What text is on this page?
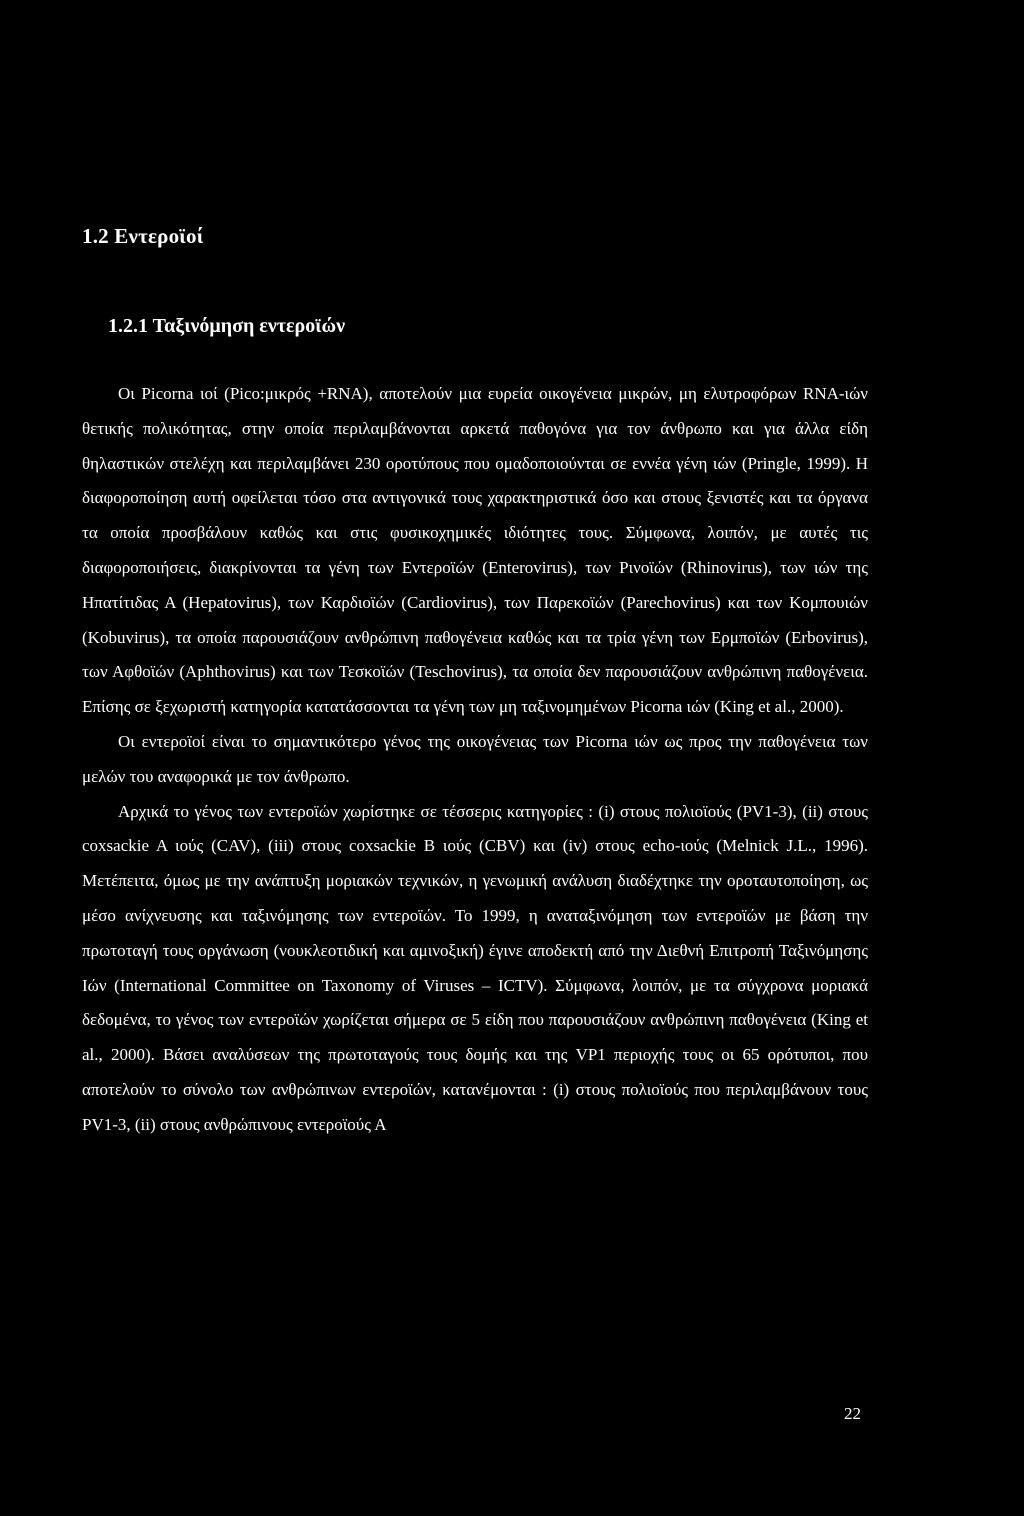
1.2 Εντεροϊοί
1.2.1 Ταξινόμηση εντεροϊών

Οι Picorna ιοί (Pico:μικρός +RNA), αποτελούν μια ευρεία οικογένεια μικρών, μη ελυτροφόρων RNA-ιών θετικής πολικότητας, στην οποία περιλαμβάνονται αρκετά παθογόνα για τον άνθρωπο και για άλλα είδη θηλαστικών στελέχη και περιλαμβάνει 230 οροτύπους που ομαδοποιούνται σε εννέα γένη ιών (Pringle, 1999). Η διαφοροποίηση αυτή οφείλεται τόσο στα αντιγονικά τους χαρακτηριστικά όσο και στους ξενιστές και τα όργανα τα οποία προσβάλουν καθώς και στις φυσικοχημικές ιδιότητες τους. Σύμφωνα, λοιπόν, με αυτές τις διαφοροποιήσεις, διακρίνονται τα γένη των Εντεροϊών (Enterovirus), των Ρινοϊών (Rhinovirus), των ιών της Ηπατίτιδας Α (Hepatovirus), των Καρδιοϊών (Cardiovirus), των Παρεκοϊών (Parechovirus) και των Κομπουιών (Kobuvirus), τα οποία παρουσιάζουν ανθρώπινη παθογένεια καθώς και τα τρία γένη των Ερμποϊών (Erbovirus), των Αφθοϊών (Aphthovirus) και των Τεσκοϊών (Teschovirus), τα οποία δεν παρουσιάζουν ανθρώπινη παθογένεια. Επίσης σε ξεχωριστή κατηγορία κατατάσσονται τα γένη των μη ταξινομημένων Picorna ιών (King et al., 2000).

Οι εντεροϊοί είναι το σημαντικότερο γένος της οικογένειας των Picorna ιών ως προς την παθογένεια των μελών του αναφορικά με τον άνθρωπο.

Αρχικά το γένος των εντεροϊών χωρίστηκε σε τέσσερις κατηγορίες : (i) στους πολιοϊούς (PV1-3), (ii) στους coxsackie A ιούς (CAV), (iii) στους coxsackie B ιούς (CBV) και (iv) στους echo-ιούς (Melnick J.L., 1996). Μετέπειτα, όμως με την ανάπτυξη μοριακών τεχνικών, η γενωμική ανάλυση διαδέχτηκε την οροταυτοποίηση, ως μέσο ανίχνευσης και ταξινόμησης των εντεροϊών. Το 1999, η αναταξινόμηση των εντεροϊών με βάση την πρωτοταγή τους οργάνωση (νουκλεοτιδική και αμινοξική) έγινε αποδεκτή από την Διεθνή Επιτροπή Ταξινόμησης Ιών (International Committee on Taxonomy of Viruses – ICTV). Σύμφωνα, λοιπόν, με τα σύγχρονα μοριακά δεδομένα, το γένος των εντεροϊών χωρίζεται σήμερα σε 5 είδη που παρουσιάζουν ανθρώπινη παθογένεια (King et al., 2000). Βάσει αναλύσεων της πρωτοταγούς τους δομής και της VP1 περιοχής τους οι 65 ορότυποι, που αποτελούν το σύνολο των ανθρώπινων εντεροϊών, κατανέμονται : (i) στους πολιοϊούς που περιλαμβάνουν τους PV1-3, (ii) στους ανθρώπινους εντεροϊούς Α

22
